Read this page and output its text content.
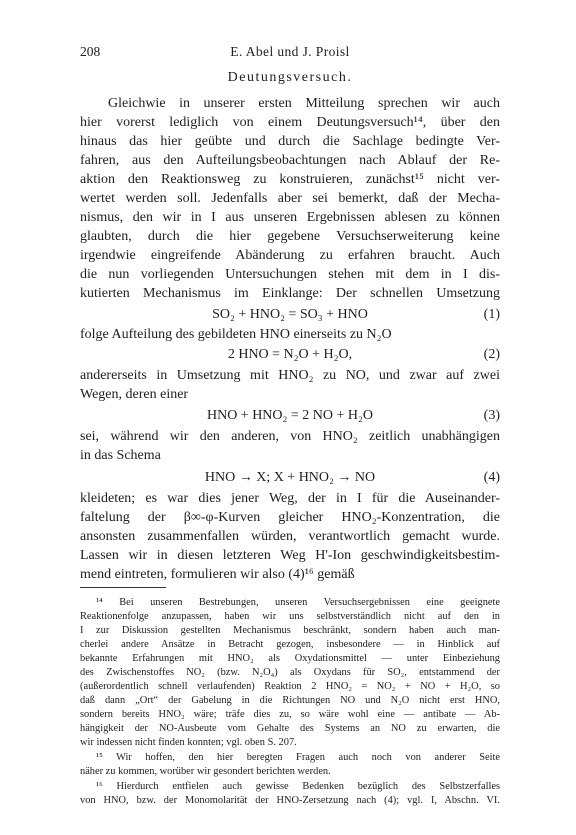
208	E. Abel und J. Proisl
Deutungsversuch.
Gleichwie in unserer ersten Mitteilung sprechen wir auch
hier vorerst lediglich von einem Deutungsversuch¹⁴, über den
hinaus das hier geübte und durch die Sachlage bedingte Ver-
fahren, aus den Aufteilungsbeobachtungen nach Ablauf der Re-
aktion den Reaktionsweg zu konstruieren, zunächst¹⁵ nicht ver-
wertet werden soll. Jedenfalls aber sei bemerkt, daß der Mecha-
nismus, den wir in I aus unseren Ergebnissen ablesen zu können
glaubten, durch die hier gegebene Versuchserweiterung keine
irgendwie eingreifende Abänderung zu erfahren braucht. Auch
die nun vorliegenden Untersuchungen stehen mit dem in I dis-
kutierten Mechanismus im Einklange: Der schnellen Umsetzung
SO₂ + HNO₂ = SO₃ + HNO	(1)
folge Aufteilung des gebildeten HNO einerseits zu N₂O
2 HNO = N₂O + H₂O,	(2)
andererseits in Umsetzung mit HNO₂ zu NO, und zwar auf zwei
Wegen, deren einer
HNO + HNO₂ = 2 NO + H₂O	(3)
sei, während wir den anderen, von HNO₂ zeitlich unabhängigen
in das Schema
HNO → X; X + HNO₂ → NO	(4)
kleideten; es war dies jener Weg, der in I für die Auseinander-
faltelung der β∞-φ-Kurven gleicher HNO₂-Konzentration, die
ansonsten zusammenfallen würden, verantwortlich gemacht wurde.
Lassen wir in diesen letzteren Weg H'-Ion geschwindigkeitsbestim-
mend eintreten, formulieren wir also (4)¹⁶ gemäß
¹⁴ Bei unseren Bestrebungen, unseren Versuchsergebnissen eine geeignete
Reaktionenfolge anzupassen, haben wir uns selbstverständlich nicht auf den in
I zur Diskussion gestellten Mechanismus beschränkt, sondern haben auch man-
cherlei andere Ansätze in Betracht gezogen, insbesondere — in Hinblick auf
bekannte Erfahrungen mit HNO₂ als Oxydationsmittel — unter Einbeziehung
des Zwischenstoffes NO₂ (bzw. N₂O₄) als Oxydans für SO₂, entstammend der
(außerordentlich schnell verlaufenden) Reaktion 2 HNO₂ = NO₂ + NO + H₂O, so
daß dann „Ort“ der Gabelung in die Richtungen NO und N₂O nicht erst HNO,
sondern bereits HNO₂ wäre; träfe dies zu, so wäre wohl eine — antibate — Ab-
hängigkeit der NO-Ausbeute vom Gehalte des Systems an NO zu erwarten, die
wir indessen nicht finden konnten; vgl. oben S. 207.
¹⁵ Wir hoffen, den hier beregten Fragen auch noch von anderer Seite
näher zu kommen, worüber wir gesondert berichten werden.
¹⁶ Hierdurch entfielen auch gewisse Bedenken bezüglich des Selbstzerfalles
von HNO, bzw. der Monomolarität der HNO-Zersetzung nach (4); vgl. I, Abschn. VI.
